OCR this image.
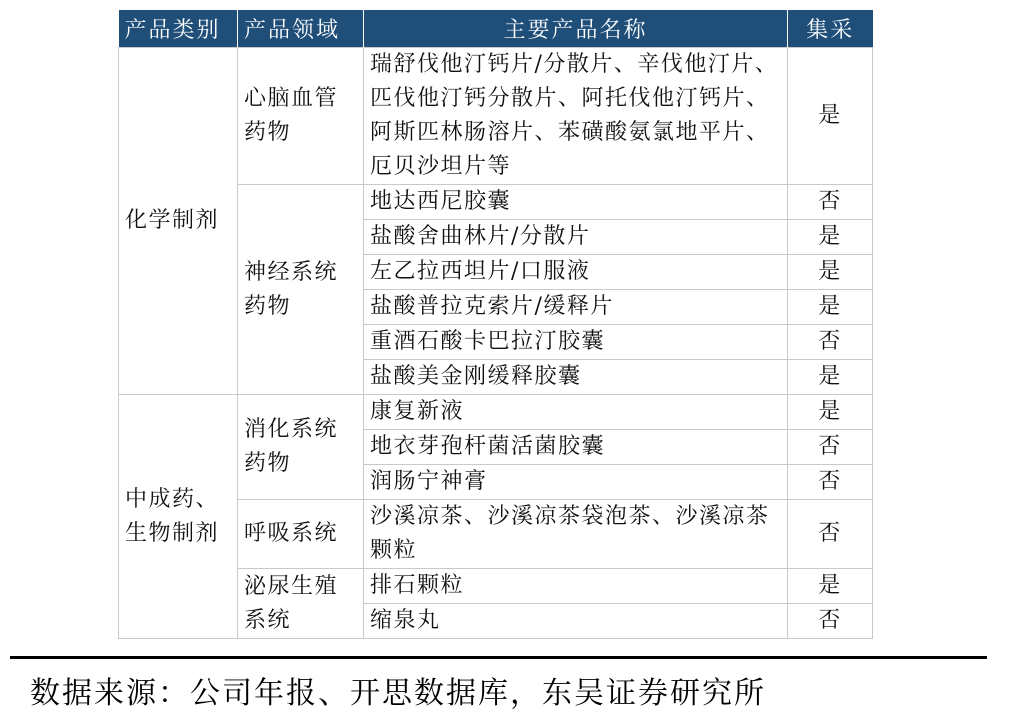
产品类别	产品领域	主要产品名称	集采
化学制剂	心脑血管药物	瑞舒伐他汀钙片/分散片、辛伐他汀片、匹伐他汀钙分散片、阿托伐他汀钙片、阿斯匹林肠溶片、苯磺酸氨氯地平片、厄贝沙坦片等	是
	神经系统药物	地达西尼胶囊	否
		盐酸舍曲林片/分散片	是
		左乙拉西坦片/口服液	是
		盐酸普拉克索片/缓释片	是
		重酒石酸卡巴拉汀胶囊	否
		盐酸美金刚缓释胶囊	是
中成药、生物制剂	消化系统药物	康复新液	是
		地衣芽孢杆菌活菌胶囊	否
		润肠宁神膏	否
	呼吸系统	沙溪凉茶、沙溪凉茶袋泡茶、沙溪凉茶颗粒	否
	泌尿生殖系统	排石颗粒	是
		缩泉丸	否
数据来源：公司年报、开思数据库，东吴证券研究所
